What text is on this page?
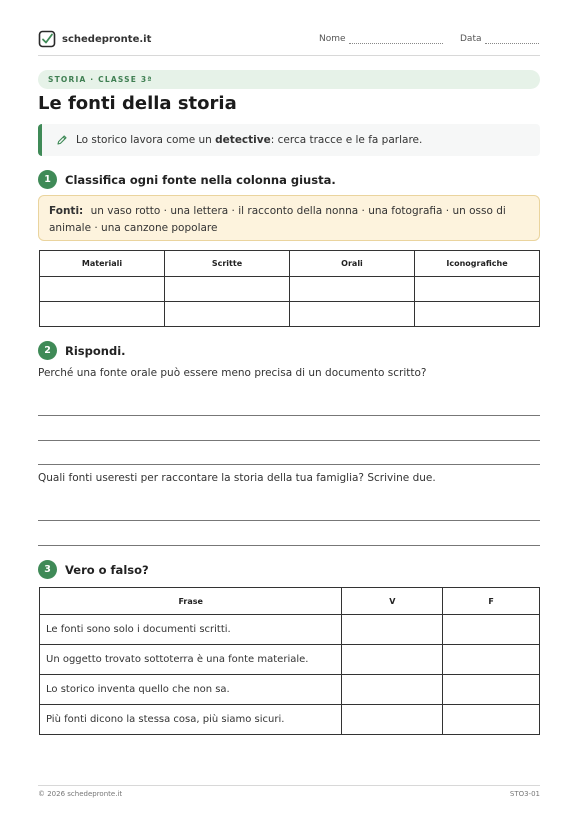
schedepronte.it	Nome	Data
STORIA · CLASSE 3ª
Le fonti della storia
Lo storico lavora come un detective: cerca tracce e le fa parlare.
1	Classifica ogni fonte nella colonna giusta.
Fonti: un vaso rotto · una lettera · il racconto della nonna · una fotografia · un osso di animale · una canzone popolare
Materiali	Scritte	Orali	Iconografiche

2	Rispondi.
Perché una fonte orale può essere meno precisa di un documento scritto?
Quali fonti useresti per raccontare la storia della tua famiglia? Scrivine due.
3	Vero o falso?
Frase	V	F
Le fonti sono solo i documenti scritti.		
Un oggetto trovato sottoterra è una fonte materiale.		
Lo storico inventa quello che non sa.		
Più fonti dicono la stessa cosa, più siamo sicuri.		
© 2026 schedepronte.it	STO3-01
